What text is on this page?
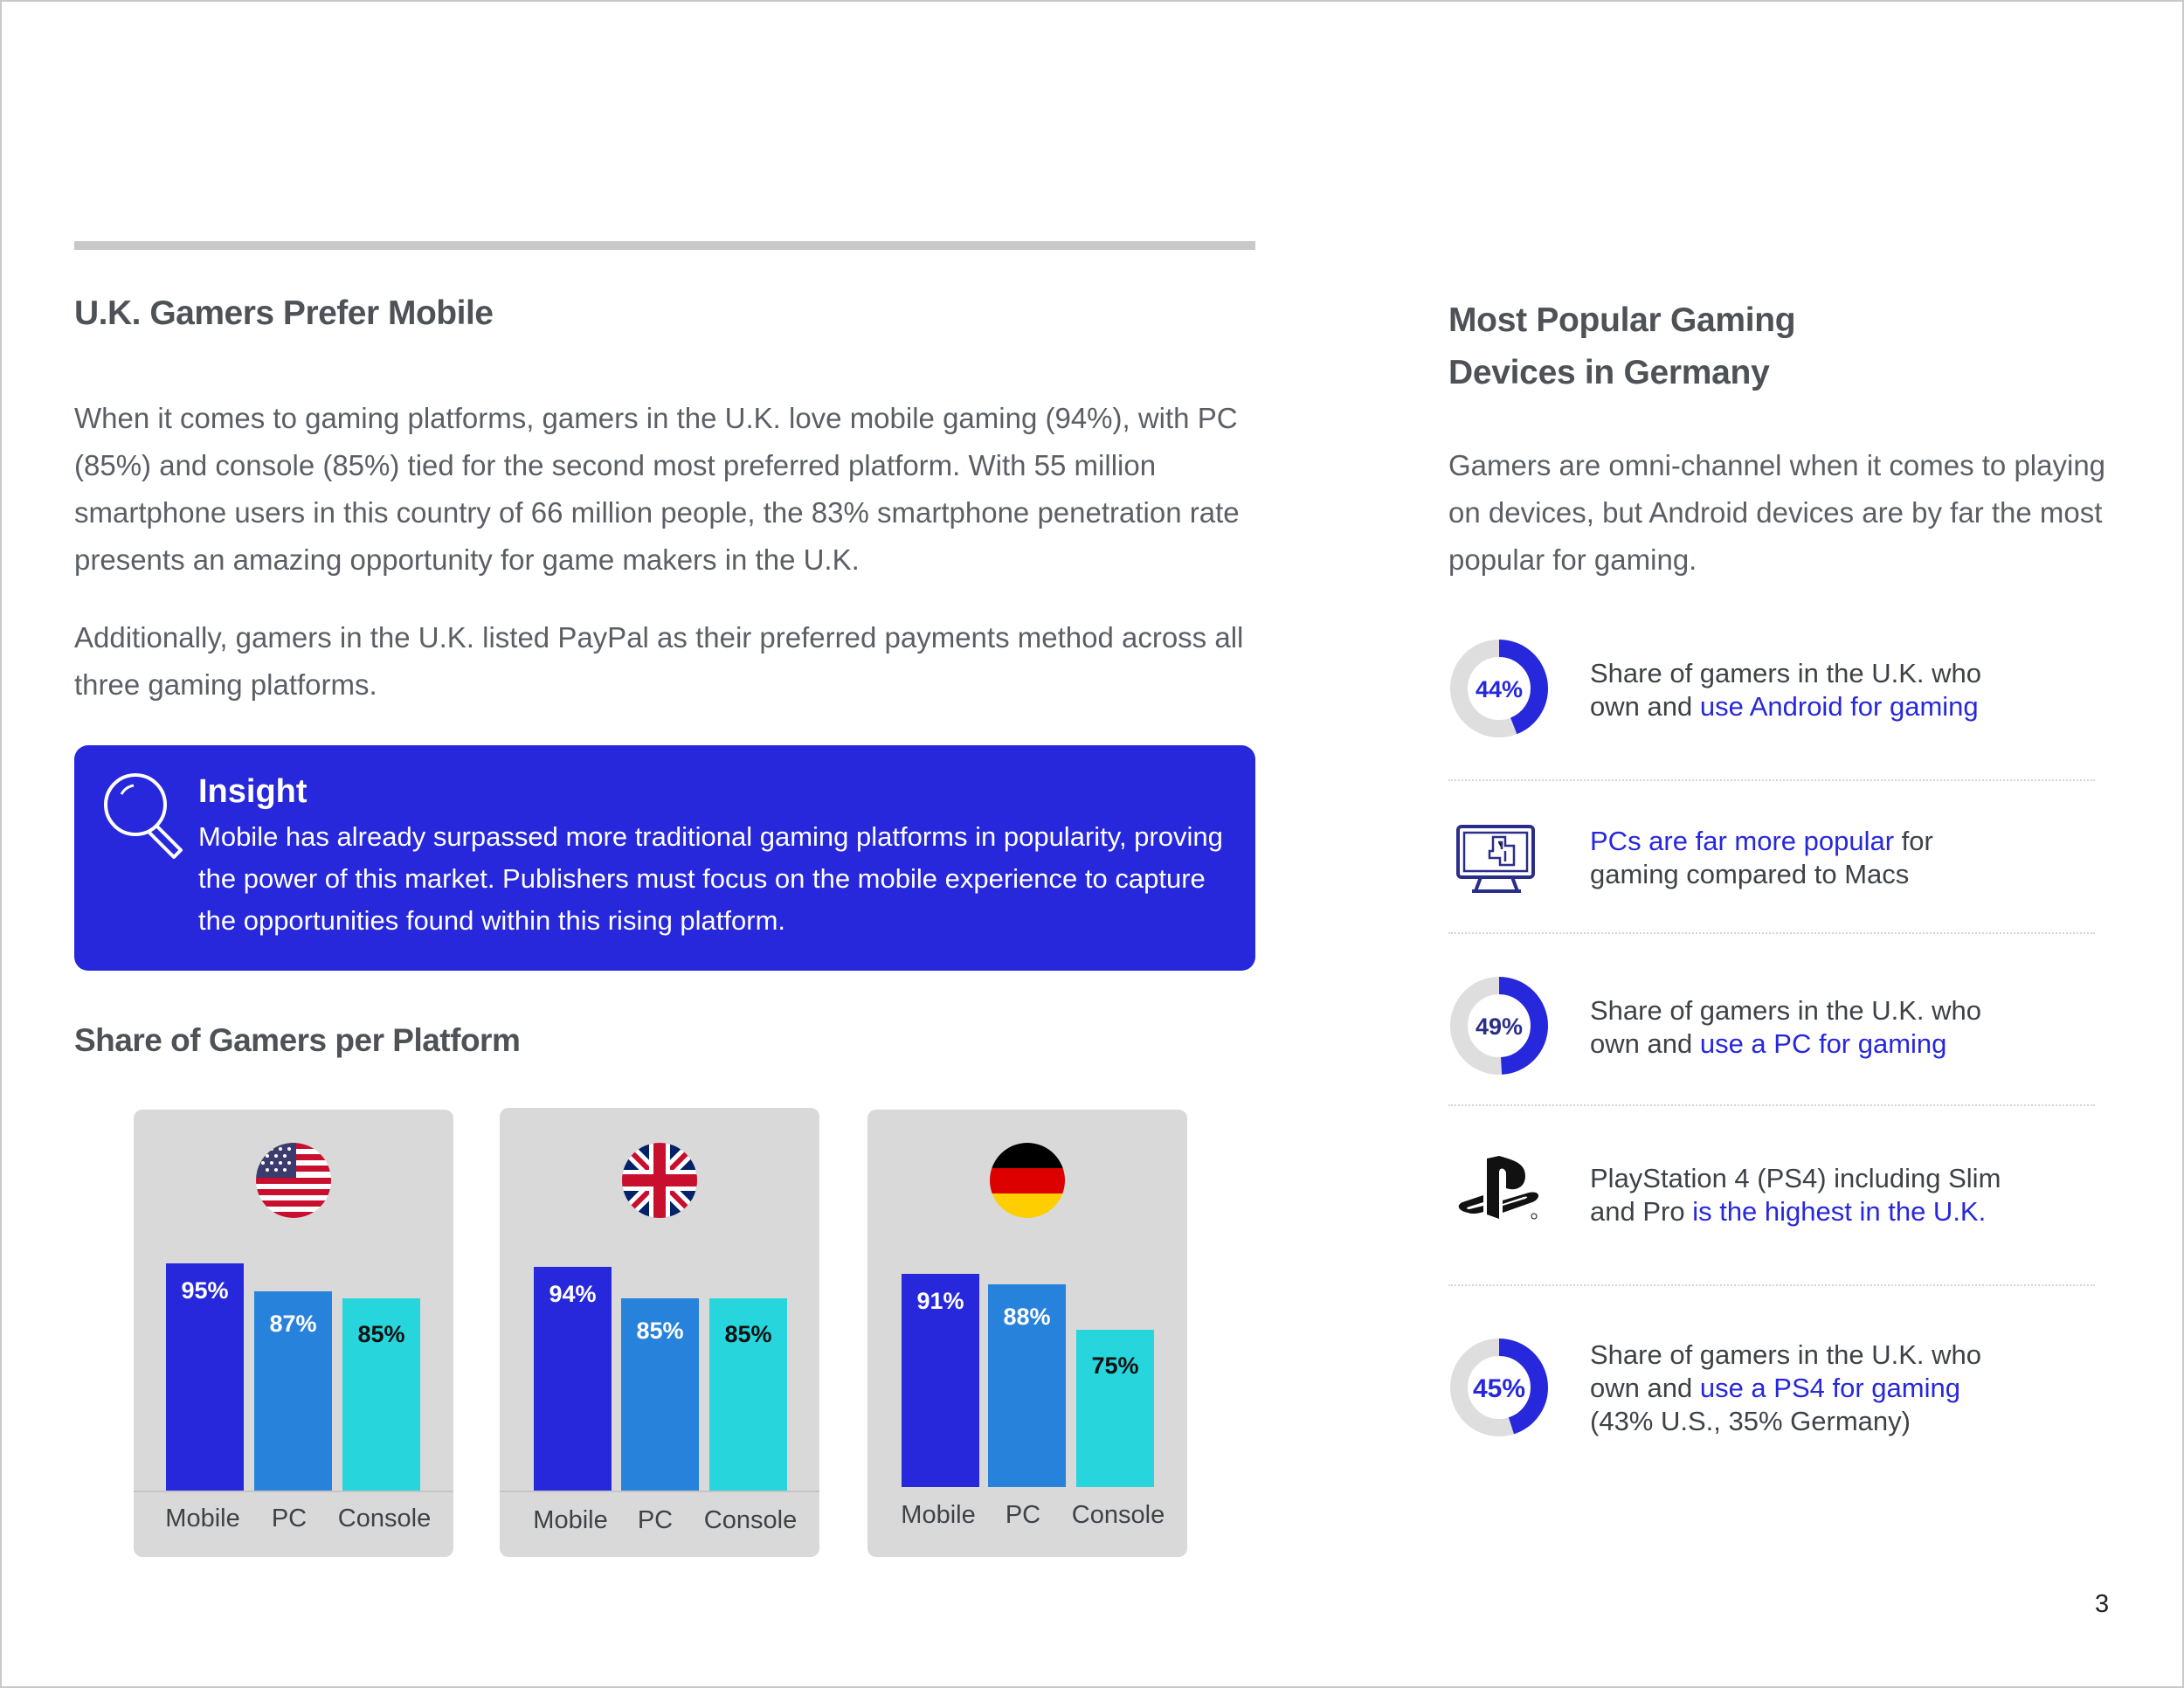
U.K. Gamers Prefer Mobile
When it comes to gaming platforms, gamers in the U.K. love mobile gaming (94%), with PC (85%) and console (85%) tied for the second most preferred platform. With 55 million smartphone users in this country of 66 million people, the 83% smartphone penetration rate presents an amazing opportunity for game makers in the U.K.
Additionally, gamers in the U.K. listed PayPal as their preferred payments method across all three gaming platforms.
Insight
Mobile has already surpassed more traditional gaming platforms in popularity, proving the power of this market. Publishers must focus on the mobile experience to capture the opportunities found within this rising platform.
Share of Gamers per Platform
95%
87%	85%
Mobile	PC	Console
94%
85%	85%
Mobile	PC	Console
91%
88%
75%
Mobile	PC	Console
Most Popular Gaming
Devices in Germany
Gamers are omni-channel when it comes to playing on devices, but Android devices are by far the most popular for gaming.
44%
Share of gamers in the U.K. who
own and use Android for gaming
PCs are far more popular for
gaming compared to Macs
49%
Share of gamers in the U.K. who
own and use a PC for gaming
PlayStation 4 (PS4) including Slim
and Pro is the highest in the U.K.
45%
Share of gamers in the U.K. who
own and use a PS4 for gaming
(43% U.S., 35% Germany)
3
